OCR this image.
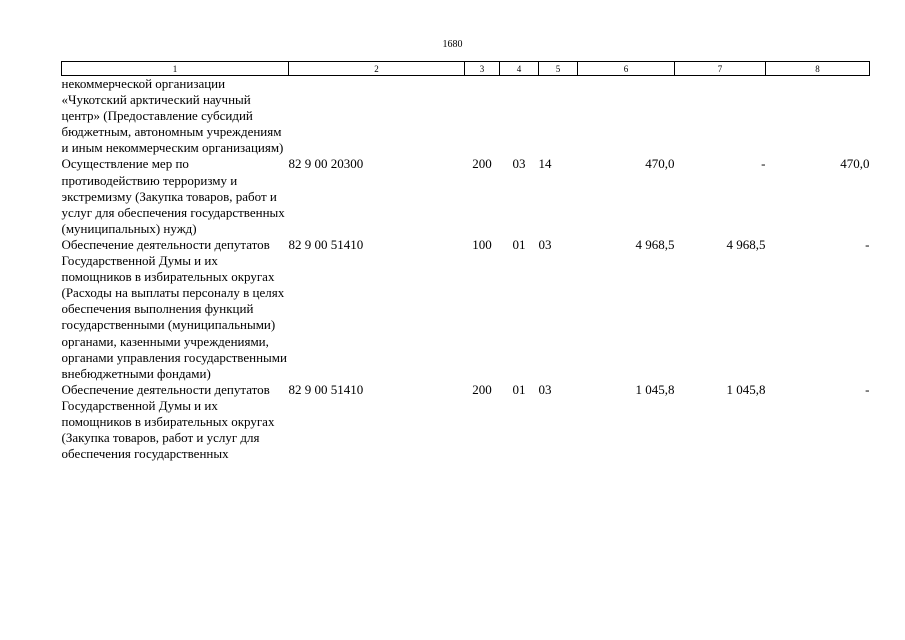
1680
1	2	3	4	5	6	7	8
некоммерческой организации «Чукотский арктический научный центр» (Предоставление субсидий бюджетным, автономным учреждениям и иным некоммерческим организациям)							
Осуществление мер по противодействию терроризму и экстремизму (Закупка товаров, работ и услуг для обеспечения государственных (муниципальных) нужд)	82 9 00 20300	200	03	14	470,0	-	470,0
Обеспечение деятельности депутатов Государственной Думы и их помощников в избирательных округах (Расходы на выплаты персоналу в целях обеспечения выполнения функций государственными (муниципальными) органами, казенными учреждениями, органами управления государственными внебюджетными фондами)	82 9 00 51410	100	01	03	4 968,5	4 968,5	-
Обеспечение деятельности депутатов Государственной Думы и их помощников в избирательных округах (Закупка товаров, работ и услуг для обеспечения государственных	82 9 00 51410	200	01	03	1 045,8	1 045,8	-
